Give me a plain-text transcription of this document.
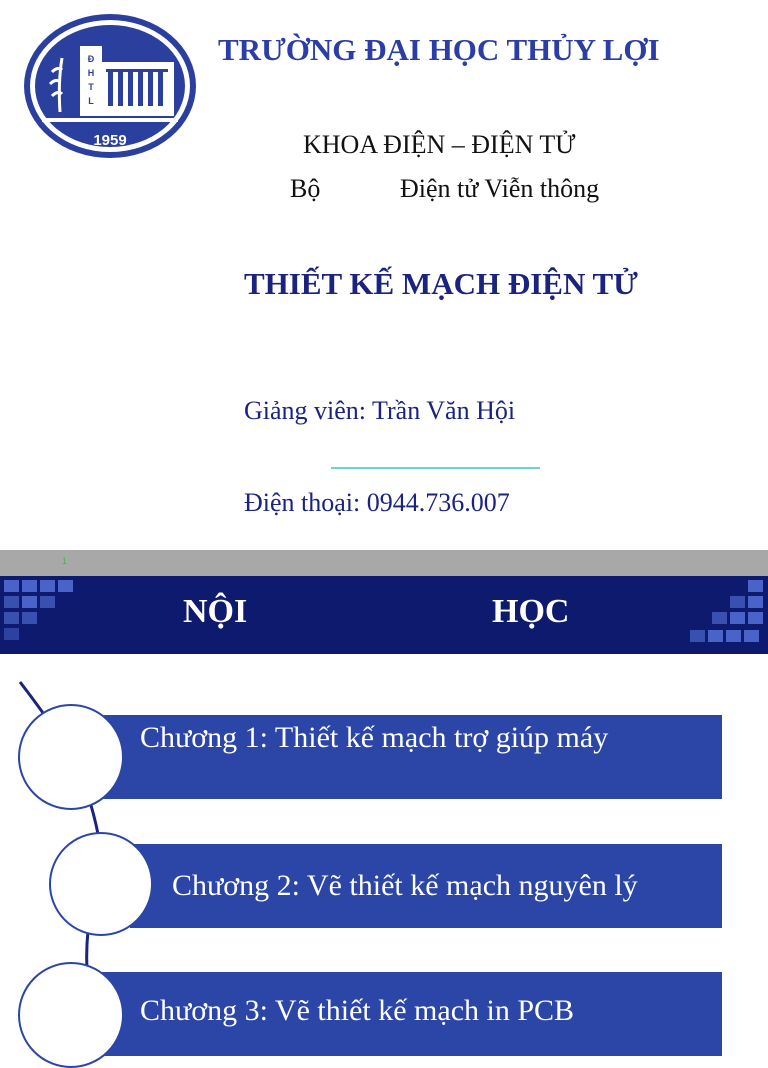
1959
Đ
H
T
L
TRƯỜNG ĐẠI HỌC THỦY LỢI
KHOA ĐIỆN – ĐIỆN TỬ
Bộ	Điện tử Viễn thông
THIẾT KẾ MẠCH ĐIỆN TỬ
Giảng viên: Trần Văn Hội
Điện thoại: 0944.736.007
1
NỘI	HỌC
Chương 1: Thiết kế mạch trợ giúp máy
Chương 2: Vẽ thiết kế mạch nguyên lý
Chương 3: Vẽ thiết kế mạch in PCB
